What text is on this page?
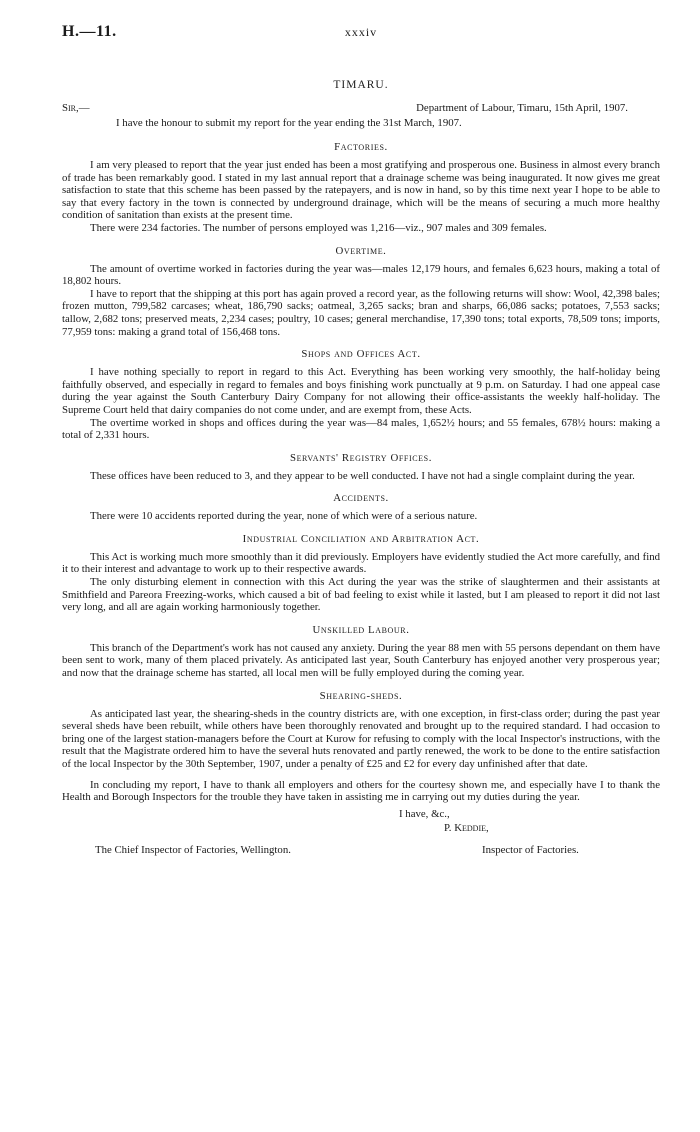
H.—11.	xxxiv
TIMARU.
Sir,—	Department of Labour, Timaru, 15th April, 1907.

I have the honour to submit my report for the year ending the 31st March, 1907.

Factories.

I am very pleased to report that the year just ended has been a most gratifying and prosperous one. Business in almost every branch of trade has been remarkably good. I stated in my last annual report that a drainage scheme was being inaugurated. It now gives me great satisfaction to state that this scheme has been passed by the ratepayers, and is now in hand, so by this time next year I hope to be able to say that every factory in the town is connected by underground drainage, which will be the means of securing a much more healthy condition of sanitation than exists at the present time.

There were 234 factories. The number of persons employed was 1,216—viz., 907 males and 309 females.

Overtime.

The amount of overtime worked in factories during the year was—males 12,179 hours, and females 6,623 hours, making a total of 18,802 hours.

I have to report that the shipping at this port has again proved a record year, as the following returns will show: Wool, 42,398 bales; frozen mutton, 799,582 carcases; wheat, 186,790 sacks; oatmeal, 3,265 sacks; bran and sharps, 66,086 sacks; potatoes, 7,553 sacks; tallow, 2,682 tons; preserved meats, 2,234 cases; poultry, 10 cases; general merchandise, 17,390 tons; total exports, 78,509 tons; imports, 77,959 tons: making a grand total of 156,468 tons.

Shops and Offices Act.

I have nothing specially to report in regard to this Act. Everything has been working very smoothly, the half-holiday being faithfully observed, and especially in regard to females and boys finishing work punctually at 9 p.m. on Saturday. I had one appeal case during the year against the South Canterbury Dairy Company for not allowing their office-assistants the weekly half-holiday. The Supreme Court held that dairy companies do not come under, and are exempt from, these Acts.

The overtime worked in shops and offices during the year was—84 males, 1,652½ hours; and 55 females, 678½ hours: making a total of 2,331 hours.

Servants' Registry Offices.

These offices have been reduced to 3, and they appear to be well conducted. I have not had a single complaint during the year.

Accidents.

There were 10 accidents reported during the year, none of which were of a serious nature.

Industrial Conciliation and Arbitration Act.

This Act is working much more smoothly than it did previously. Employers have evidently studied the Act more carefully, and find it to their interest and advantage to work up to their respective awards.

The only disturbing element in connection with this Act during the year was the strike of slaughtermen and their assistants at Smithfield and Pareora Freezing-works, which caused a bit of bad feeling to exist while it lasted, but I am pleased to report it did not last very long, and all are again working harmoniously together.

Unskilled Labour.

This branch of the Department's work has not caused any anxiety. During the year 88 men with 55 persons dependant on them have been sent to work, many of them placed privately. As anticipated last year, South Canterbury has enjoyed another very prosperous year; and now that the drainage scheme has started, all local men will be fully employed during the coming year.

Shearing-sheds.

As anticipated last year, the shearing-sheds in the country districts are, with one exception, in first-class order; during the past year several sheds have been rebuilt, while others have been thoroughly renovated and brought up to the required standard. I had occasion to bring one of the largest station-managers before the Court at Kurow for refusing to comply with the local Inspector's instructions, with the result that the Magistrate ordered him to have the several huts renovated and partly renewed, the work to be done to the entire satisfaction of the local Inspector by the 30th September, 1907, under a penalty of £25 and £2 for every day unfinished after that date.

In concluding my report, I have to thank all employers and others for the courtesy shown me, and especially have I to thank the Health and Borough Inspectors for the trouble they have taken in assisting me in carrying out my duties during the year.

I have, &c.,
P. Keddie,
The Chief Inspector of Factories, Wellington.	Inspector of Factories.
